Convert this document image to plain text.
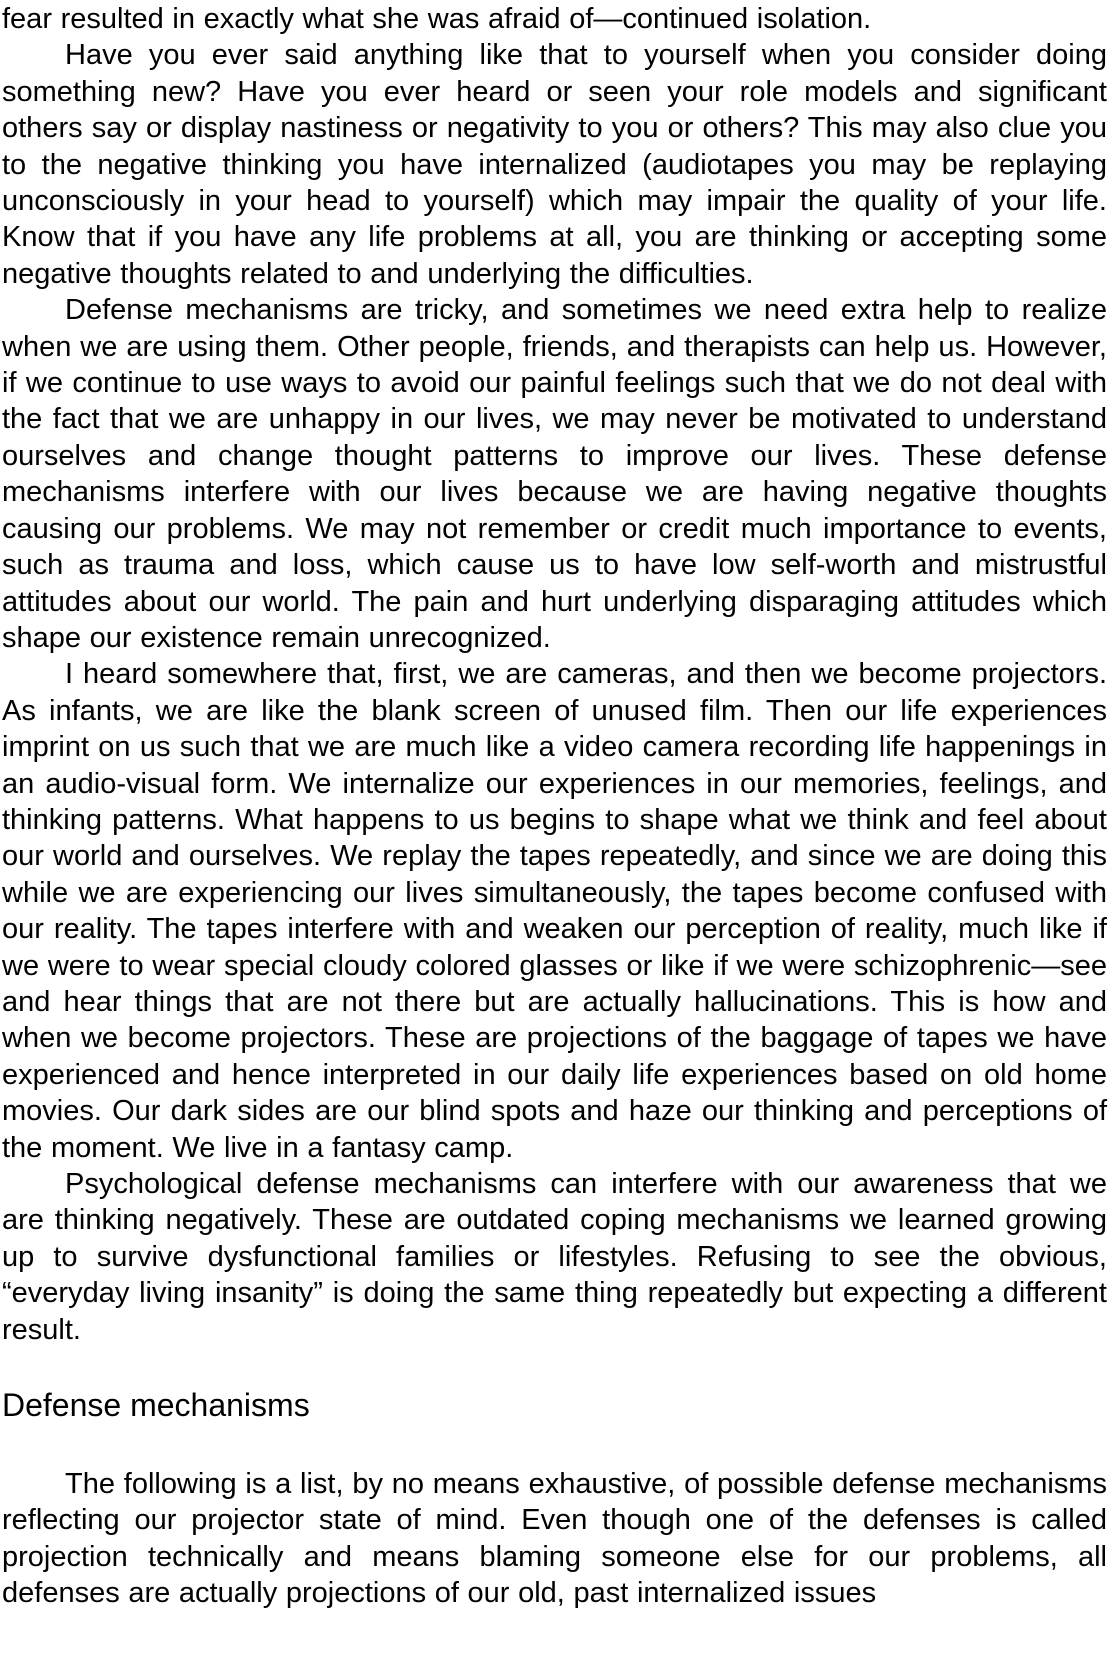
fear resulted in exactly what she was afraid of—continued isolation.

Have you ever said anything like that to yourself when you consider doing something new? Have you ever heard or seen your role models and significant others say or display nastiness or negativity to you or others? This may also clue you to the negative thinking you have internalized (audiotapes you may be replaying unconsciously in your head to yourself) which may impair the quality of your life. Know that if you have any life problems at all, you are thinking or accepting some negative thoughts related to and underlying the difficulties.

Defense mechanisms are tricky, and sometimes we need extra help to realize when we are using them. Other people, friends, and therapists can help us. However, if we continue to use ways to avoid our painful feelings such that we do not deal with the fact that we are unhappy in our lives, we may never be motivated to understand ourselves and change thought patterns to improve our lives. These defense mechanisms interfere with our lives because we are having negative thoughts causing our problems. We may not remember or credit much importance to events, such as trauma and loss, which cause us to have low self-worth and mistrustful attitudes about our world. The pain and hurt underlying disparaging attitudes which shape our existence remain unrecognized.

I heard somewhere that, first, we are cameras, and then we become projectors. As infants, we are like the blank screen of unused film. Then our life experiences imprint on us such that we are much like a video camera recording life happenings in an audio-visual form. We internalize our experiences in our memories, feelings, and thinking patterns. What happens to us begins to shape what we think and feel about our world and ourselves. We replay the tapes repeatedly, and since we are doing this while we are experiencing our lives simultaneously, the tapes become confused with our reality. The tapes interfere with and weaken our perception of reality, much like if we were to wear special cloudy colored glasses or like if we were schizophrenic—see and hear things that are not there but are actually hallucinations. This is how and when we become projectors. These are projections of the baggage of tapes we have experienced and hence interpreted in our daily life experiences based on old home movies. Our dark sides are our blind spots and haze our thinking and perceptions of the moment. We live in a fantasy camp.

Psychological defense mechanisms can interfere with our awareness that we are thinking negatively. These are outdated coping mechanisms we learned growing up to survive dysfunctional families or lifestyles. Refusing to see the obvious, “everyday living insanity” is doing the same thing repeatedly but expecting a different result.

Defense mechanisms

The following is a list, by no means exhaustive, of possible defense mechanisms reflecting our projector state of mind. Even though one of the defenses is called projection technically and means blaming someone else for our problems, all defenses are actually projections of our old, past internalized issues
